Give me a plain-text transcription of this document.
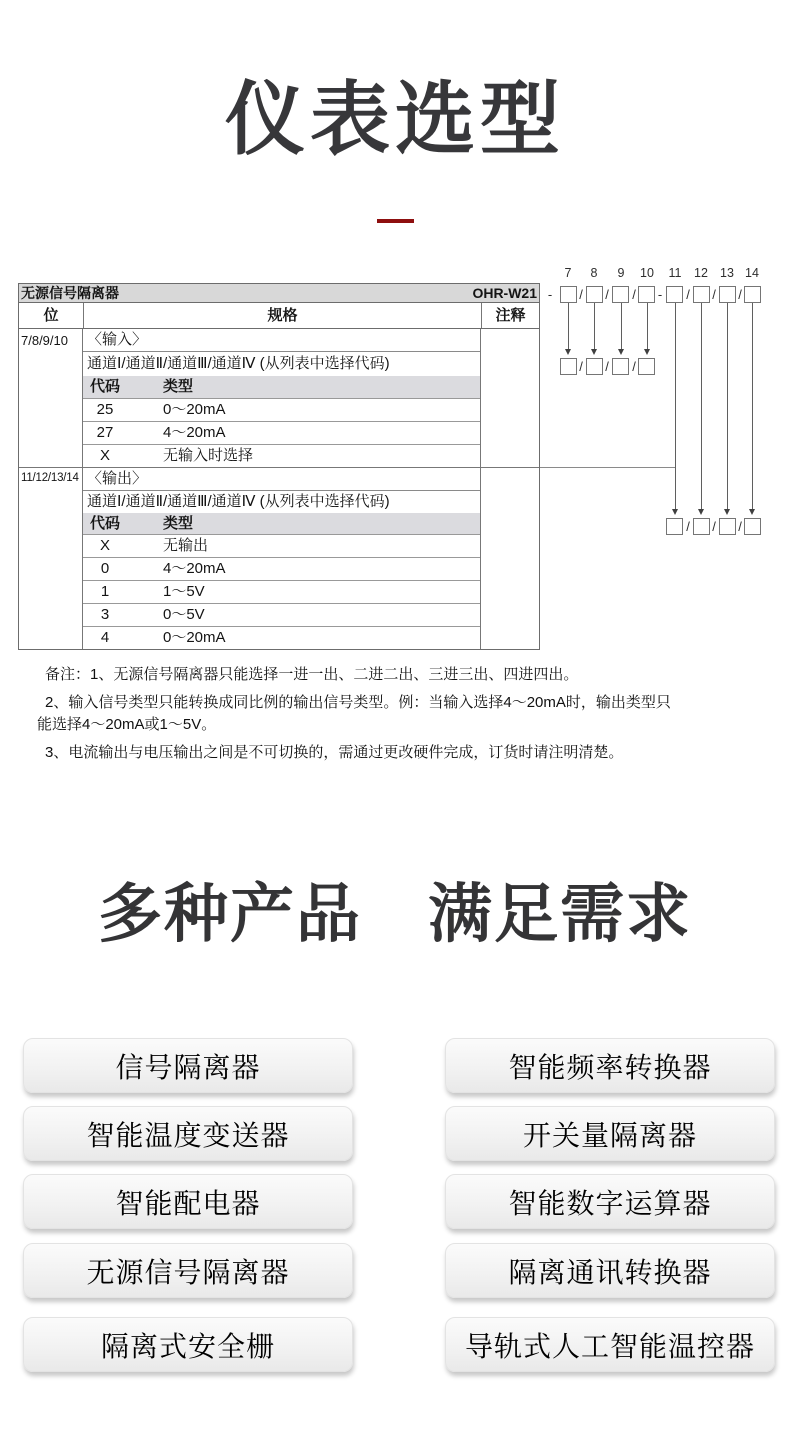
仪表选型
无源信号隔离器	OHR-W21
位	规格	注释
7/8/9/10	〈输入〉
通道Ⅰ/通道Ⅱ/通道Ⅲ/通道Ⅳ (从列表中选择代码)
代码	类型
25	0～20mA
27	4～20mA
X	无输入时选择
11/12/13/14 〈输出〉
通道Ⅰ/通道Ⅱ/通道Ⅲ/通道Ⅳ (从列表中选择代码)
代码	类型
X	无输出
0	4～20mA
1	1～5V
3	0～5V
4	0～20mA
7	8	9	10 11 12 13 14
-	/	/	/	-	/	/	/
/	/	/
/	/	/
备注：1、无源信号隔离器只能选择一进一出、二进二出、三进三出、四进四出。
2、输入信号类型只能转换成同比例的输出信号类型。例：当输入选择4～20mA时，输出类型只
能选择4～20mA或1～5V。
3、电流输出与电压输出之间是不可切换的，需通过更改硬件完成，订货时请注明清楚。
多种产品　满足需求
信号隔离器
智能温度变送器
智能配电器
无源信号隔离器
隔离式安全栅
智能频率转换器
开关量隔离器
智能数字运算器
隔离通讯转换器
导轨式人工智能温控器
